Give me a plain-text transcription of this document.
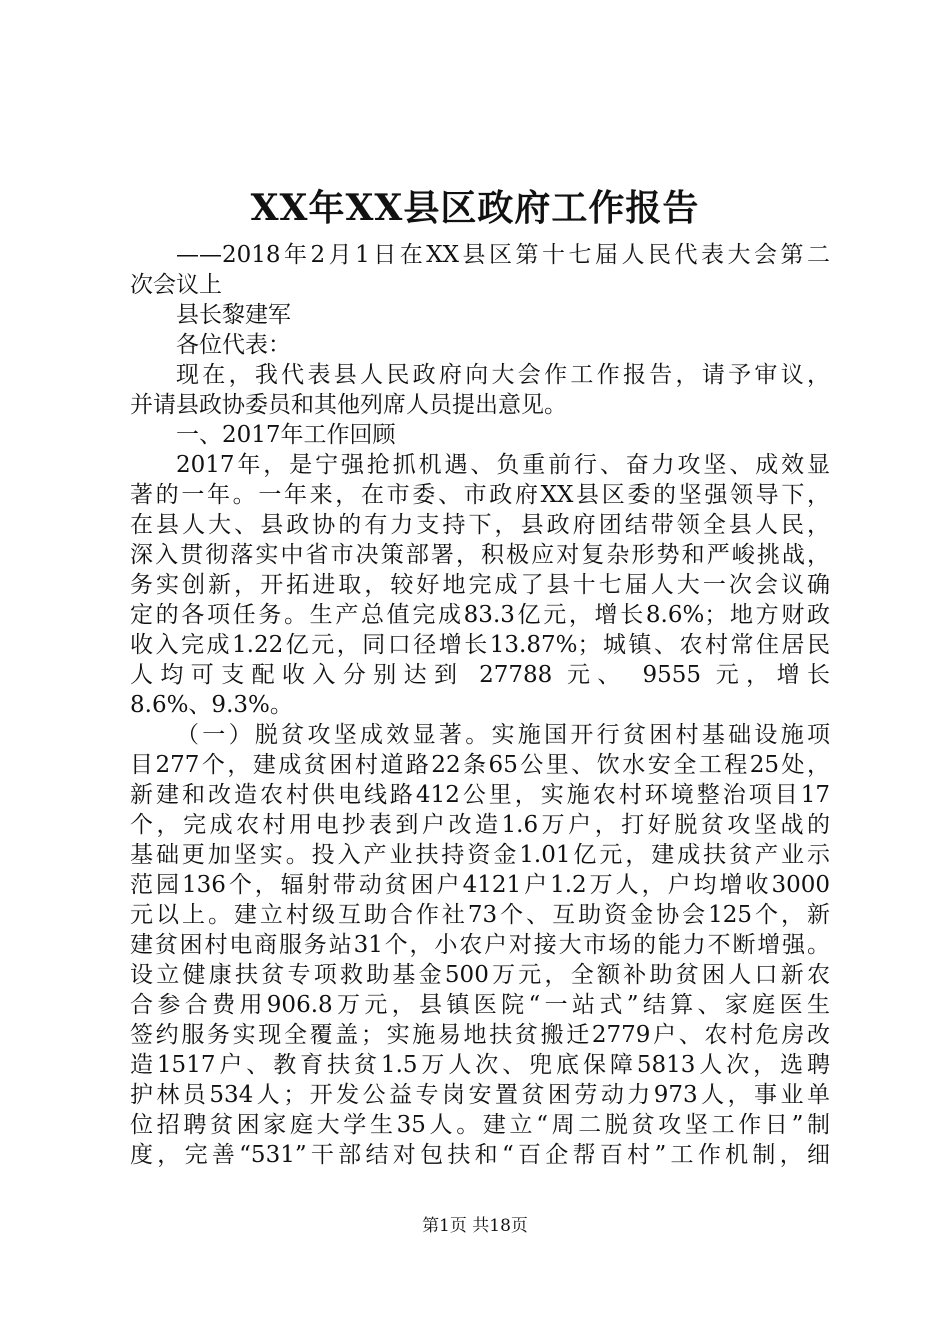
XX年XX县区政府工作报告
——2018年2月1日在XX县区第十七届人民代表大会第二
次会议上
县长黎建军
各位代表：
现在，我代表县人民政府向大会作工作报告，请予审议，
并请县政协委员和其他列席人员提出意见。
一、2017年工作回顾
2017年，是宁强抢抓机遇、负重前行、奋力攻坚、成效显
著的一年。一年来，在市委、市政府XX县区委的坚强领导下，
在县人大、县政协的有力支持下，县政府团结带领全县人民，
深入贯彻落实中省市决策部署，积极应对复杂形势和严峻挑战，
务实创新，开拓进取，较好地完成了县十七届人大一次会议确
定的各项任务。生产总值完成83.3亿元，增长8.6%；地方财政
收入完成1.22亿元，同口径增长13.87%；城镇、农村常住居民
人均可支配收入分别达到 27788 元、 9555 元，增长
8.6%、9.3%。
（一）脱贫攻坚成效显著。实施国开行贫困村基础设施项
目277个，建成贫困村道路22条65公里、饮水安全工程25处，
新建和改造农村供电线路412公里，实施农村环境整治项目17
个，完成农村用电抄表到户改造1.6万户，打好脱贫攻坚战的
基础更加坚实。投入产业扶持资金1.01亿元，建成扶贫产业示
范园136个，辐射带动贫困户4121户1.2万人，户均增收3000
元以上。建立村级互助合作社73个、互助资金协会125个，新
建贫困村电商服务站31个，小农户对接大市场的能力不断增强。
设立健康扶贫专项救助基金500万元，全额补助贫困人口新农
合参合费用906.8万元，县镇医院“一站式”结算、家庭医生
签约服务实现全覆盖；实施易地扶贫搬迁2779户、农村危房改
造1517户、教育扶贫1.5万人次、兜底保障5813人次，选聘
护林员534人；开发公益专岗安置贫困劳动力973人，事业单
位招聘贫困家庭大学生35人。建立“周二脱贫攻坚工作日”制
度，完善“531”干部结对包扶和“百企帮百村”工作机制，细
第1页 共18页
